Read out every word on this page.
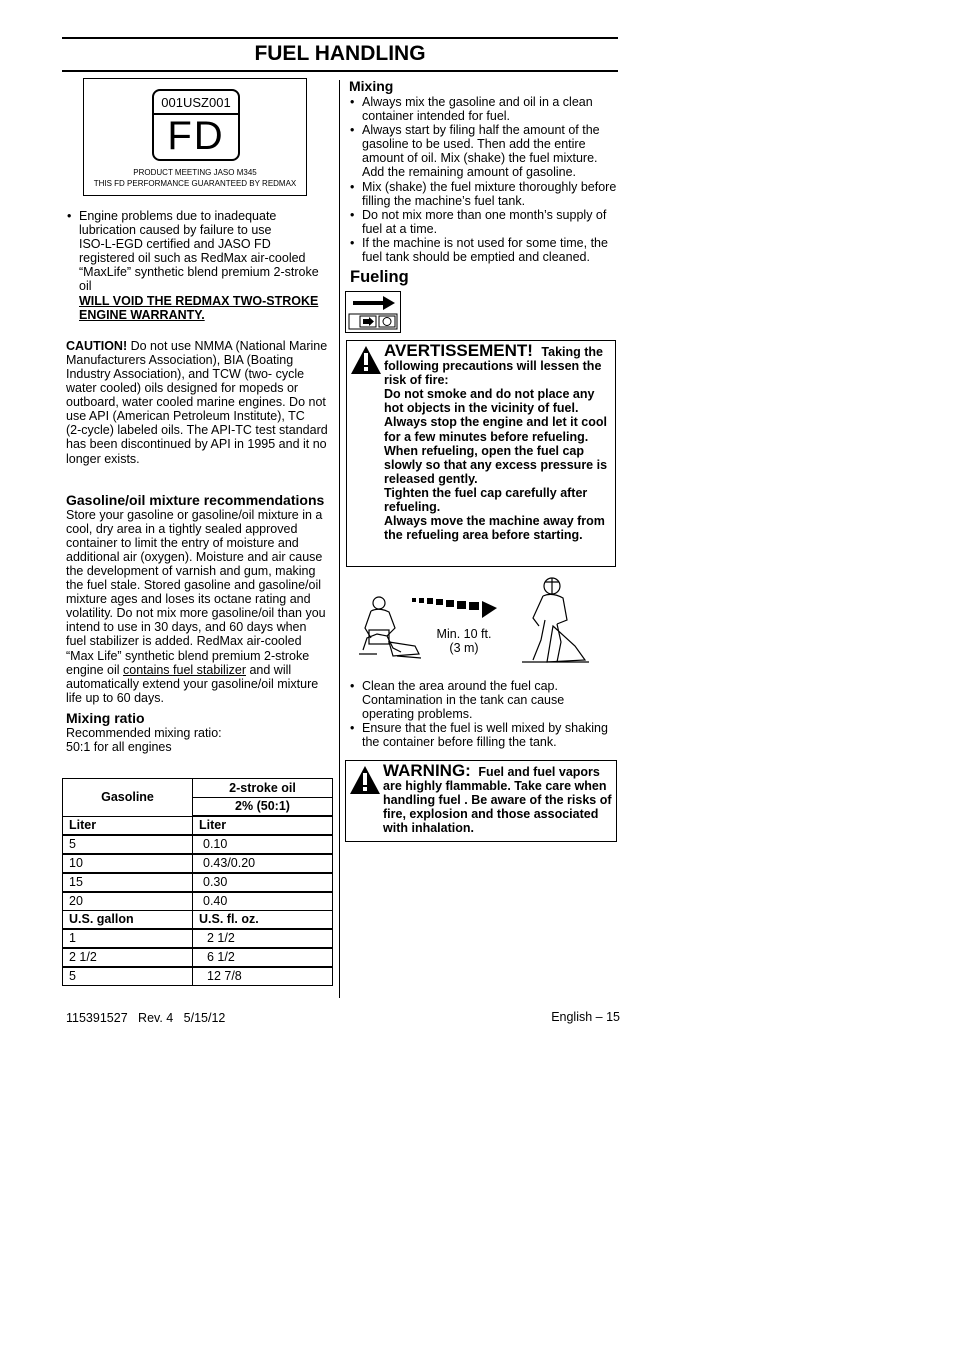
FUEL HANDLING
001USZ001
FD
PRODUCT MEETING JASO M345
THIS FD PERFORMANCE GUARANTEED BY REDMAX
• Engine problems due to inadequate lubrication caused by failure to use ISO‑L‑EGD certified and JASO FD registered oil such as RedMax air‑cooled “MaxLife” synthetic blend premium 2‑stroke oil
WILL VOID THE REDMAX TWO-STROKE ENGINE WARRANTY.

CAUTION! Do not use NMMA (National Marine Manufacturers Association), BIA (Boating Industry Association), and TCW (two‑ cycle water cooled) oils designed for mopeds or outboard, water cooled marine engines. Do not use API (American Petroleum Institute), TC (2‑cycle) labeled oils. The API‑TC test standard has been discontinued by API in 1995 and it no longer exists.

Gasoline/oil mixture recommendations

Store your gasoline or gasoline/oil mixture in a cool, dry area in a tightly sealed approved container to limit the entry of moisture and additional air (oxygen). Moisture and air cause the development of varnish and gum, making the fuel stale. Stored gasoline and gasoline/oil mixture ages and loses its octane rating and volatility. Do not mix more gasoline/oil than you intend to use in 30 days, and 60 days when fuel stabilizer is added. RedMax air‑cooled “Max Life” synthetic blend premium 2‑stroke engine oil contains fuel stabilizer and will automatically extend your gasoline/oil mixture life up to 60 days.

Mixing ratio

Recommended mixing ratio:

50:1 for all engines

Gasoline	2‑stroke oil
	2% (50:1)
Liter	Liter
5	0.10
10	0.43/0.20
15	0.30
20	0.40
U.S. gallon	U.S. fl. oz.
1	2 1/2
2 1/2	6 1/2
5	12 7/8
Mixing
• Always mix the gasoline and oil in a clean container intended for fuel.
• Always start by filing half the amount of the gasoline to be used. Then add the entire amount of oil. Mix (shake) the fuel mixture. Add the remaining amount of gasoline.
• Mix (shake) the fuel mixture thoroughly before filling the machine’s fuel tank.
• Do not mix more than one month’s supply of fuel at a time.
• If the machine is not used for some time, the fuel tank should be emptied and cleaned.
Fueling
AVERTISSEMENT! Taking the following precautions will lessen the risk of fire:
Do not smoke and do not place any hot objects in the vicinity of fuel.
Always stop the engine and let it cool for a few minutes before refueling.
When refueling, open the fuel cap slowly so that any excess pressure is released gently.
Tighten the fuel cap carefully after refueling.
Always move the machine away from the refueling area before starting.
Min. 10 ft.
(3 m)
• Clean the area around the fuel cap. Contamination in the tank can cause operating problems.
• Ensure that the fuel is well mixed by shaking the container before filling the tank.
WARNING: Fuel and fuel vapors are highly flammable. Take care when handling fuel . Be aware of the risks of fire, explosion and those associated with inhalation.
115391527   Rev. 4   5/15/12	English – 15
